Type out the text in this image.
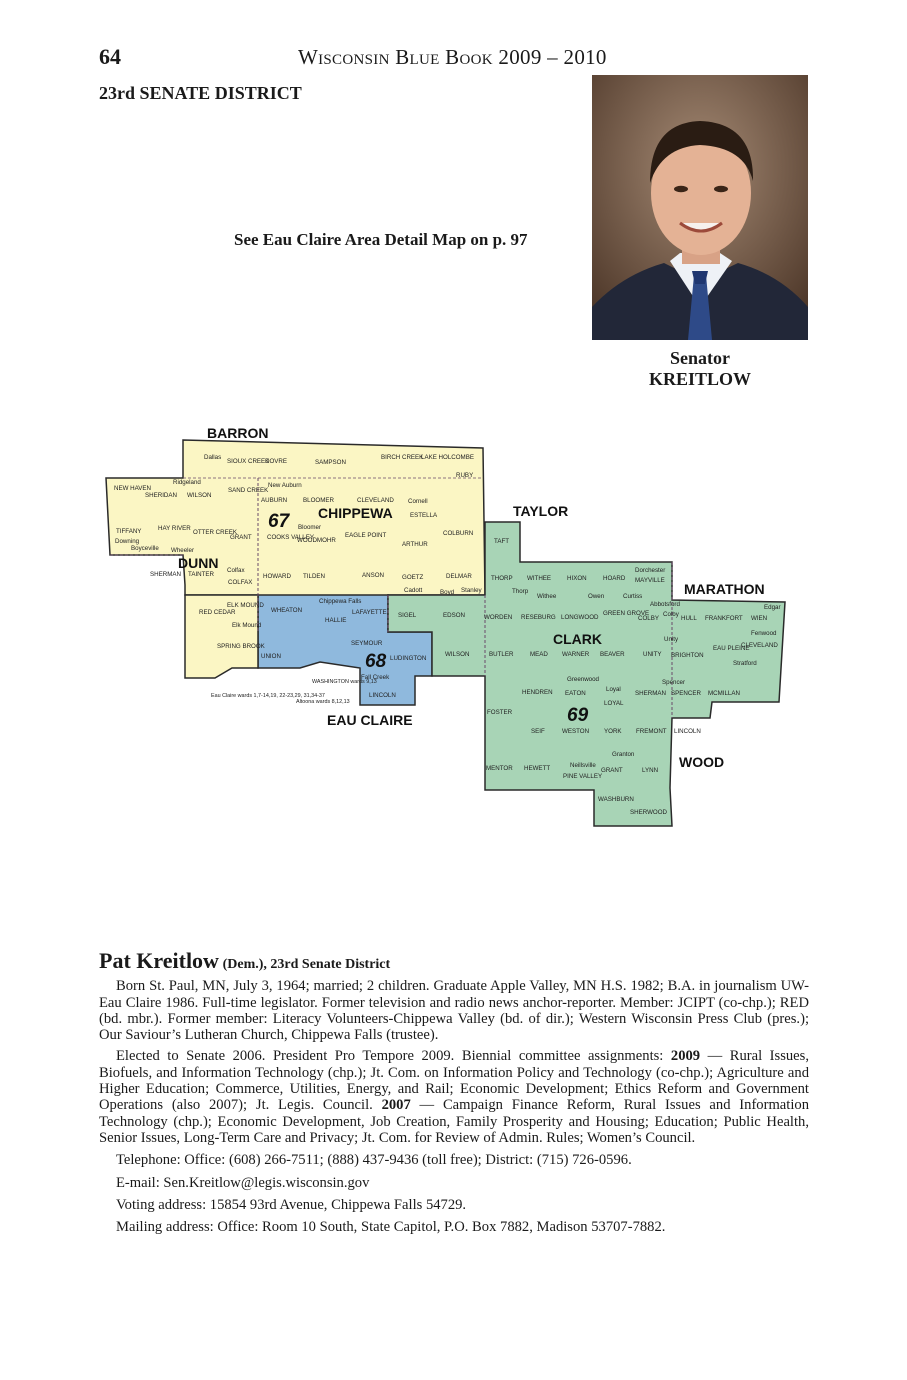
64	Wisconsin Blue Book 2009 – 2010
23rd SENATE DISTRICT
Senator
KREITLOW
See Eau Claire Area Detail Map on p. 97
BARRON
CHIPPEWA	TAYLOR
DUNN
MARATHON
CLARK
EAU CLAIRE
WOOD
67
68
69
Dallas
SIOUX CREEK
DOVRE	SAMPSON
BIRCH CREEK
LAKE HOLCOMBE
RUBY
NEW HAVEN
Ridgeland
SHERIDAN WILSON
SAND CREEK
New Auburn
AUBURN	BLOOMER	CLEVELAND Cornell
ESTELLA
COLBURN
TIFFANY
Downing
HAY RIVER
OTTER CREEK
GRANT COOKS VALLEY
Bloomer
WOODMOHR
EAGLE POINT
ARTHUR	TAFT
Boyceville Wheeler
SHERMAN TAINTER
Colfax
COLFAX
HOWARD TILDEN	ANSON	GOETZ
Cadott
DELMAR
Boyd Stanley
THORP
Thorp
WITHEE
Withee
HIXON
Owen
HOARD
Dorchester
MAYVILLE
Curtiss
Abbotsford
Colby
Edgar
RED CEDAR
ELK MOUND
Elk Mound
WHEATON
Chippewa Falls
HALLIE
LAFAYETTE SIGEL	EDSON	WORDEN RESEBURG LONGWOOD
GREEN GROVE
COLBY	HULL FRANKFORT WIEN
Fenwood
SPRING BROOK
UNION
SEYMOUR
LUDINGTON
WILSON	BUTLER	MEAD WARNER BEAVER	UNITY
Unity
BRIGHTON
EAU PLEINE
CLEVELAND
Stratford
Eau Claire wards 1,7-14,19, 22-23,29, 31,34-37
WASHINGTON wards 9,13
Fall Creek
Altoona wards 8,12,13
LINCOLN
Greenwood
Loyal
Spencer
HENDREN EATON
LOYAL
SHERMAN SPENCER MCMILLAN
FOSTER
SEIF	WESTON YORK FREMONT LINCOLN
Granton
MENTOR HEWETT	Neillsville
PINE VALLEY
GRANT	LYNN
WASHBURN
SHERWOOD
Pat Kreitlow (Dem.), 23rd Senate District

Born St. Paul, MN, July 3, 1964; married; 2 children. Graduate Apple Valley, MN H.S. 1982; B.A. in journalism UW-Eau Claire 1986. Full-time legislator. Former television and radio news anchor-reporter. Member: JCIPT (co-chp.); RED (bd. mbr.). Former member: Literacy Volunteers-Chippewa Valley (bd. of dir.); Western Wisconsin Press Club (pres.); Our Saviour’s Lutheran Church, Chippewa Falls (trustee).

Elected to Senate 2006. President Pro Tempore 2009. Biennial committee assignments: 2009 — Rural Issues, Biofuels, and Information Technology (chp.); Jt. Com. on Information Policy and Technology (co-chp.); Agriculture and Higher Education; Commerce, Utilities, Energy, and Rail; Economic Development; Ethics Reform and Government Operations (also 2007); Jt. Legis. Council. 2007 — Campaign Finance Reform, Rural Issues and Information Technology (chp.); Economic Development, Job Creation, Family Prosperity and Housing; Education; Public Health, Senior Issues, Long-Term Care and Privacy; Jt. Com. for Review of Admin. Rules; Women’s Council.

Telephone: Office: (608) 266-7511; (888) 437-9436 (toll free); District: (715) 726-0596.

E-mail: Sen.Kreitlow@legis.wisconsin.gov

Voting address: 15854 93rd Avenue, Chippewa Falls 54729.

Mailing address: Office: Room 10 South, State Capitol, P.O. Box 7882, Madison 53707-7882.
